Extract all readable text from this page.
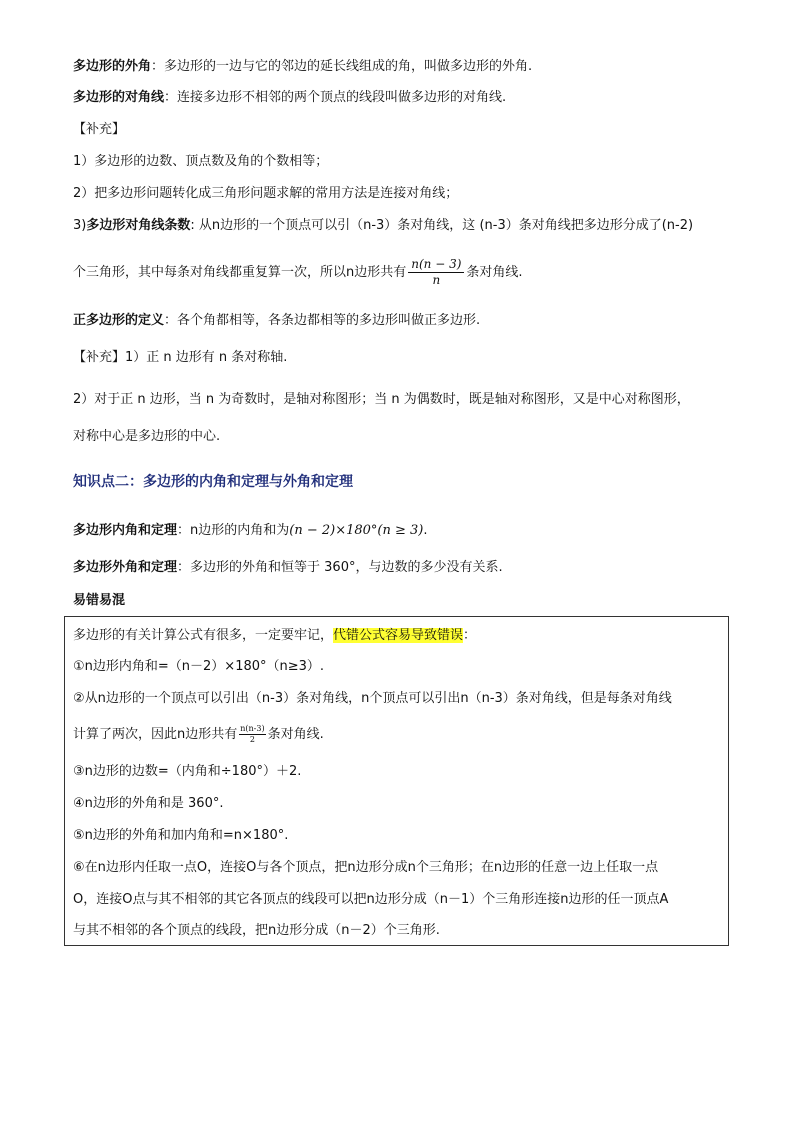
多边形的外角：多边形的一边与它的邻边的延长线组成的角，叫做多边形的外角.
多边形的对角线：连接多边形不相邻的两个顶点的线段叫做多边形的对角线.
【补充】
1）多边形的边数、顶点数及角的个数相等；
2）把多边形问题转化成三角形问题求解的常用方法是连接对角线；
3)多边形对角线条数: 从n边形的一个顶点可以引（n-3）条对角线，这 (n-3）条对角线把多边形分成了(n-2)
个三角形，其中每条对角线都重复算一次，所以n边形共有 $\frac{n(n - 3)}{n}$ 条对角线.
正多边形的定义：各个角都相等，各条边都相等的多边形叫做正多边形.
【补充】1）正 n 边形有 n 条对称轴.
2）对于正 n 边形，当 n 为奇数时，是轴对称图形；当 n 为偶数时，既是轴对称图形，又是中心对称图形，
对称中心是多边形的中心.
知识点二：多边形的内角和定理与外角和定理
多边形内角和定理：n边形的内角和为(n − 2)×180°(n ≥ 3).
多边形外角和定理：多边形的外角和恒等于 360°，与边数的多少没有关系.
易错易混
多边形的有关计算公式有很多，一定要牢记，代错公式容易导致错误：
①n边形内角和=（n－2）×180°（n≥3）.
②从n边形的一个顶点可以引出（n-3）条对角线，n个顶点可以引出n（n-3）条对角线，但是每条对角线
计算了两次，因此n边形共有 $\frac{n(n-3)}{2}$ 条对角线.
③n边形的边数=（内角和÷180°）＋2.
④n边形的外角和是 360°.
⑤n边形的外角和加内角和=n×180°.
⑥在n边形内任取一点O，连接O与各个顶点，把n边形分成n个三角形；在n边形的任意一边上任取一点
O，连接O点与其不相邻的其它各顶点的线段可以把n边形分成（n－1）个三角形连接n边形的任一顶点A
与其不相邻的各个顶点的线段，把n边形分成（n－2）个三角形.
